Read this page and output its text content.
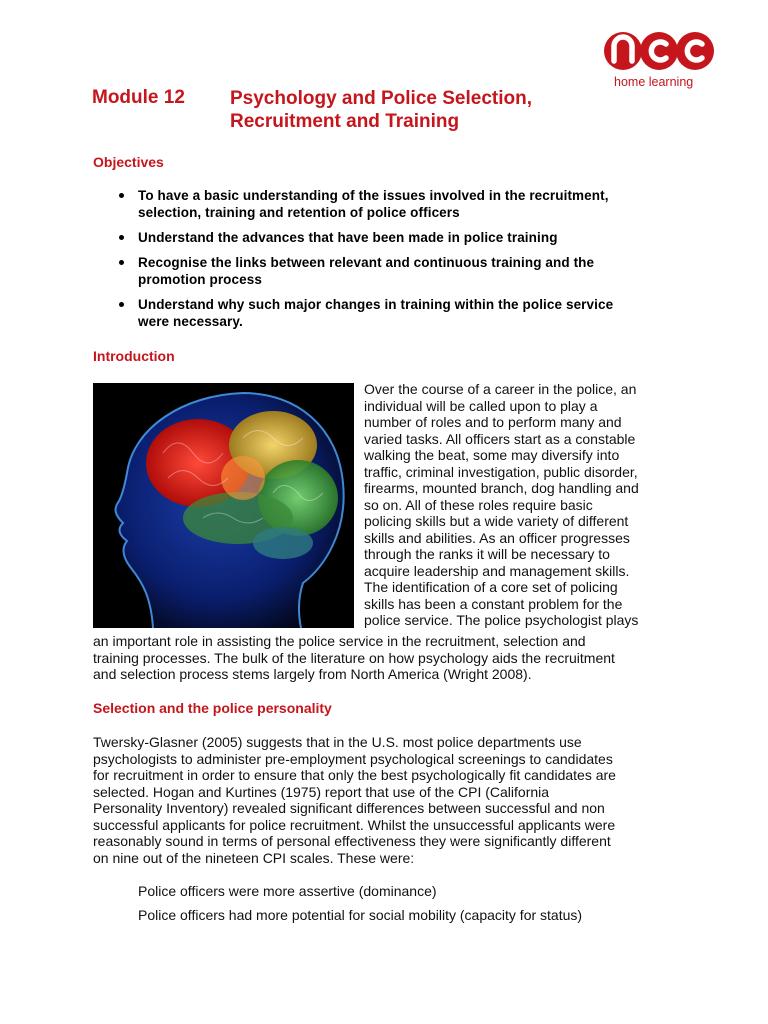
home learning
Module 12 Psychology and Police Selection,
Recruitment and Training
Objectives
To have a basic understanding of the issues involved in the recruitment,
selection, training and retention of police officers
Understand the advances that have been made in police training
Recognise the links between relevant and continuous training and the
promotion process
Understand why such major changes in training within the police service
were necessary.
Introduction
Over the course of a career in the police, an
individual will be called upon to play a
number of roles and to perform many and
varied tasks. All officers start as a constable
walking the beat, some may diversify into
traffic, criminal investigation, public disorder,
firearms, mounted branch, dog handling and
so on. All of these roles require basic
policing skills but a wide variety of different
skills and abilities. As an officer progresses
through the ranks it will be necessary to
acquire leadership and management skills.
The identification of a core set of policing
skills has been a constant problem for the
police service. The police psychologist plays
an important role in assisting the police service in the recruitment, selection and
training processes. The bulk of the literature on how psychology aids the recruitment
and selection process stems largely from North America (Wright 2008).
Selection and the police personality
Twersky-Glasner (2005) suggests that in the U.S. most police departments use
psychologists to administer pre-employment psychological screenings to candidates
for recruitment in order to ensure that only the best psychologically fit candidates are
selected. Hogan and Kurtines (1975) report that use of the CPI (California
Personality Inventory) revealed significant differences between successful and non
successful applicants for police recruitment. Whilst the unsuccessful applicants were
reasonably sound in terms of personal effectiveness they were significantly different
on nine out of the nineteen CPI scales. These were:
Police officers were more assertive (dominance)
Police officers had more potential for social mobility (capacity for status)
